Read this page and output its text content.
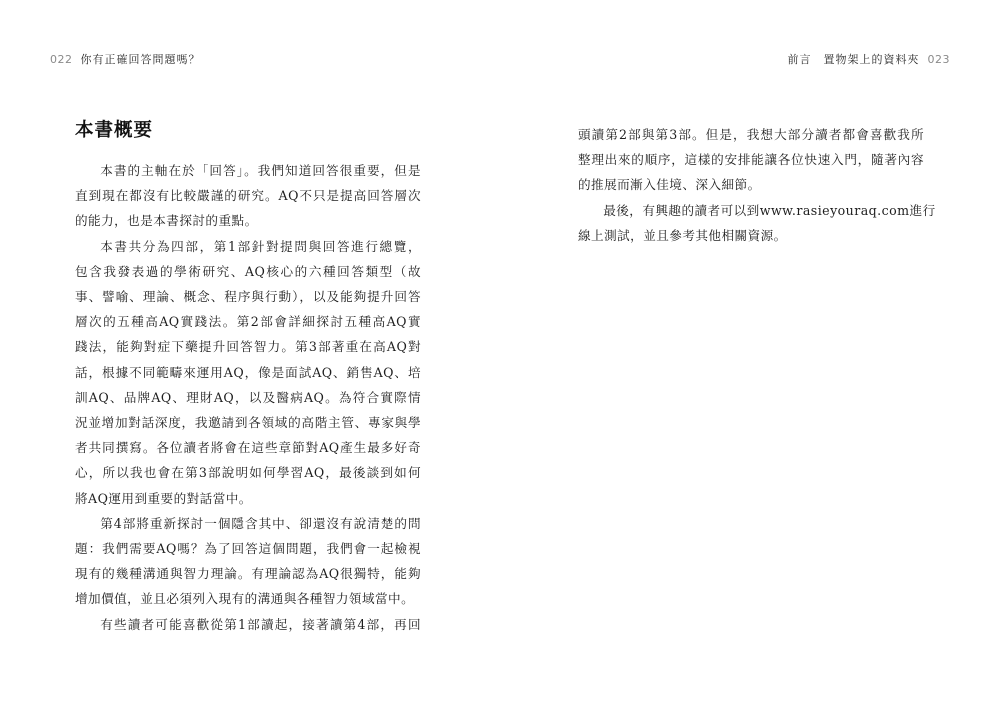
022 你有正確回答問題嗎？	前言　置物架上的資料夾 023
本書概要

本書的主軸在於「回答」。我們知道回答很重要，但是
直到現在都沒有比較嚴謹的研究。AQ不只是提高回答層次
的能力，也是本書探討的重點。

本書共分為四部，第1部針對提問與回答進行總覽，
包含我發表過的學術研究、AQ核心的六種回答類型（故
事、譬喻、理論、概念、程序與行動），以及能夠提升回答
層次的五種高AQ實踐法。第2部會詳細探討五種高AQ實
踐法，能夠對症下藥提升回答智力。第3部著重在高AQ對
話，根據不同範疇來運用AQ，像是面試AQ、銷售AQ、培
訓AQ、品牌AQ、理財AQ，以及醫病AQ。為符合實際情
況並增加對話深度，我邀請到各領域的高階主管、專家與學
者共同撰寫。各位讀者將會在這些章節對AQ產生最多好奇
心，所以我也會在第3部說明如何學習AQ，最後談到如何
將AQ運用到重要的對話當中。

第4部將重新探討一個隱含其中、卻還沒有說清楚的問
題：我們需要AQ嗎？為了回答這個問題，我們會一起檢視
現有的幾種溝通與智力理論。有理論認為AQ很獨特，能夠
增加價值，並且必須列入現有的溝通與各種智力領域當中。

有些讀者可能喜歡從第1部讀起，接著讀第4部，再回

頭讀第2部與第3部。但是，我想大部分讀者都會喜歡我所
整理出來的順序，這樣的安排能讓各位快速入門，隨著內容
的推展而漸入佳境、深入細節。

最後，有興趣的讀者可以到www.rasieyouraq.com進行
線上測試，並且參考其他相關資源。
